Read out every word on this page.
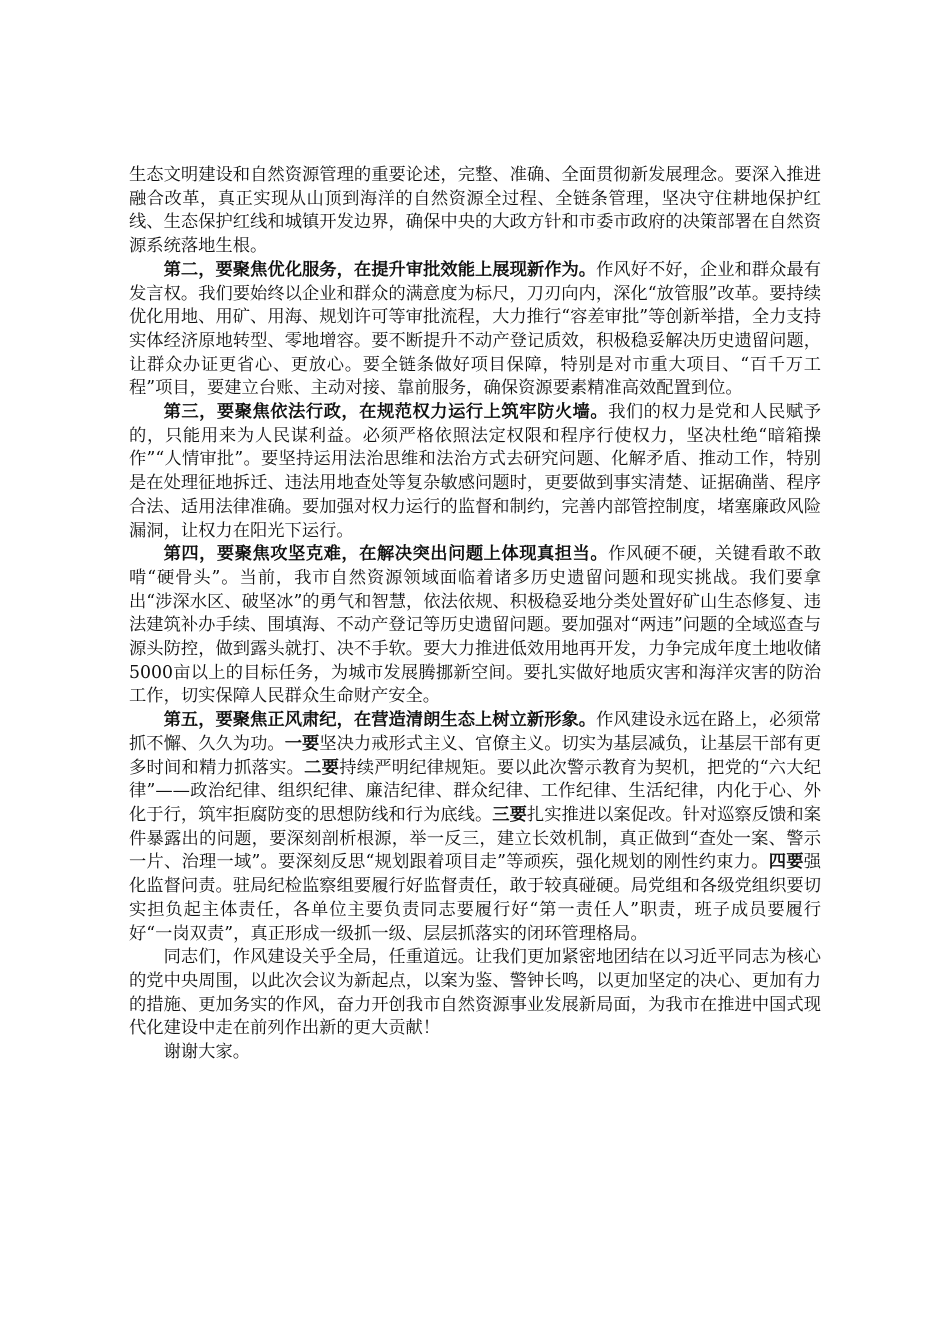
生态文明建设和自然资源管理的重要论述，完整、准确、全面贯彻新发展理念。要深入推进融合改革，真正实现从山顶到海洋的自然资源全过程、全链条管理，坚决守住耕地保护红线、生态保护红线和城镇开发边界，确保中央的大政方针和市委市政府的决策部署在自然资源系统落地生根。

第二，要聚焦优化服务，在提升审批效能上展现新作为。作风好不好，企业和群众最有发言权。我们要始终以企业和群众的满意度为标尺，刀刃向内，深化“放管服”改革。要持续优化用地、用矿、用海、规划许可等审批流程，大力推行“容差审批”等创新举措，全力支持实体经济原地转型、零地增容。要不断提升不动产登记质效，积极稳妥解决历史遗留问题，让群众办证更省心、更放心。要全链条做好项目保障，特别是对市重大项目、“百千万工程”项目，要建立台账、主动对接、靠前服务，确保资源要素精准高效配置到位。

第三，要聚焦依法行政，在规范权力运行上筑牢防火墙。我们的权力是党和人民赋予的，只能用来为人民谋利益。必须严格依照法定权限和程序行使权力，坚决杜绝“暗箱操作”“人情审批”。要坚持运用法治思维和法治方式去研究问题、化解矛盾、推动工作，特别是在处理征地拆迁、违法用地查处等复杂敏感问题时，更要做到事实清楚、证据确凿、程序合法、适用法律准确。要加强对权力运行的监督和制约，完善内部管控制度，堵塞廉政风险漏洞，让权力在阳光下运行。

第四，要聚焦攻坚克难，在解决突出问题上体现真担当。作风硬不硬，关键看敢不敢啃“硬骨头”。当前，我市自然资源领域面临着诸多历史遗留问题和现实挑战。我们要拿出“涉深水区、破坚冰”的勇气和智慧，依法依规、积极稳妥地分类处置好矿山生态修复、违法建筑补办手续、围填海、不动产登记等历史遗留问题。要加强对“两违”问题的全域巡查与源头防控，做到露头就打、决不手软。要大力推进低效用地再开发，力争完成年度土地收储5000亩以上的目标任务，为城市发展腾挪新空间。要扎实做好地质灾害和海洋灾害的防治工作，切实保障人民群众生命财产安全。

第五，要聚焦正风肃纪，在营造清朗生态上树立新形象。作风建设永远在路上，必须常抓不懈、久久为功。一要坚决力戒形式主义、官僚主义。切实为基层减负，让基层干部有更多时间和精力抓落实。二要持续严明纪律规矩。要以此次警示教育为契机，把党的“六大纪律”——政治纪律、组织纪律、廉洁纪律、群众纪律、工作纪律、生活纪律，内化于心、外化于行，筑牢拒腐防变的思想防线和行为底线。三要扎实推进以案促改。针对巡察反馈和案件暴露出的问题，要深刻剖析根源，举一反三，建立长效机制，真正做到“查处一案、警示一片、治理一域”。要深刻反思“规划跟着项目走”等顽疾，强化规划的刚性约束力。四要强化监督问责。驻局纪检监察组要履行好监督责任，敢于较真碰硬。局党组和各级党组织要切实担负起主体责任，各单位主要负责同志要履行好“第一责任人”职责，班子成员要履行好“一岗双责”，真正形成一级抓一级、层层抓落实的闭环管理格局。

同志们，作风建设关乎全局，任重道远。让我们更加紧密地团结在以习近平同志为核心的党中央周围，以此次会议为新起点，以案为鉴、警钟长鸣，以更加坚定的决心、更加有力的措施、更加务实的作风，奋力开创我市自然资源事业发展新局面，为我市在推进中国式现代化建设中走在前列作出新的更大贡献！

谢谢大家。
